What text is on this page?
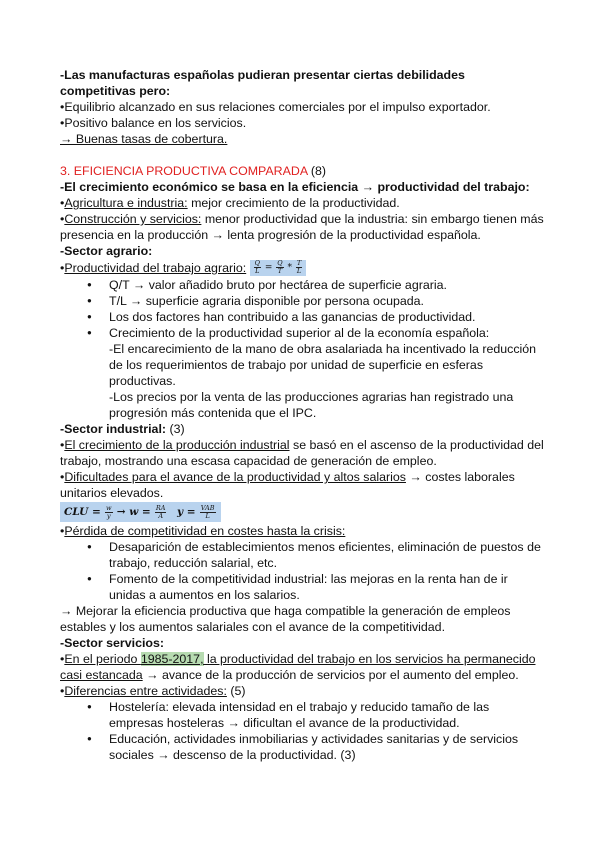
-Las manufacturas españolas pudieran presentar ciertas debilidades competitivas pero:

•Equilibrio alcanzado en sus relaciones comerciales por el impulso exportador.

•Positivo balance en los servicios.

→ Buenas tasas de cobertura.

3. EFICIENCIA PRODUCTIVA COMPARADA (8)

-El crecimiento económico se basa en la eficiencia → productividad del trabajo:

•Agricultura e industria: mejor crecimiento de la productividad.

•Construcción y servicios: menor productividad que la industria: sin embargo tienen más presencia en la producción → lenta progresión de la productividad española.

-Sector agrario:

•Productividad del trabajo agrario: $\frac{Q}{L} = \frac{Q}{T} * \frac{T}{L}$

● Q/T → valor añadido bruto por hectárea de superficie agraria.
● T/L → superficie agraria disponible por persona ocupada.
● Los dos factores han contribuido a las ganancias de productividad.
● Crecimiento de la productividad superior al de la economía española:
-El encarecimiento de la mano de obra asalariada ha incentivado la reducción de los requerimientos de trabajo por unidad de superficie en esferas productivas.
-Los precios por la venta de las producciones agrarias han registrado una progresión más contenida que el IPC.

-Sector industrial: (3)

•El crecimiento de la producción industrial se basó en el ascenso de la productividad del trabajo, mostrando una escasa capacidad de generación de empleo.

•Dificultades para el avance de la productividad y altos salarios → costes laborales unitarios elevados.

CLU = $\frac{w}{y} \to w = \frac{RA}{A}$ $y = \frac{\text{VAB}}{L}$

•Pérdida de competitividad en costes hasta la crisis:

● Desaparición de establecimientos menos eficientes, eliminación de puestos de trabajo, reducción salarial, etc.
● Fomento de la competitividad industrial: las mejoras en la renta han de ir unidas a aumentos en los salarios.

→ Mejorar la eficiencia productiva que haga compatible la generación de empleos estables y los aumentos salariales con el avance de la competitividad.

-Sector servicios:

•En el periodo 1985-2017, la productividad del trabajo en los servicios ha permanecido casi estancada → avance de la producción de servicios por el aumento del empleo.

•Diferencias entre actividades: (5)

● Hostelería: elevada intensidad en el trabajo y reducido tamaño de las empresas hosteleras → dificultan el avance de la productividad.
● Educación, actividades inmobiliarias y actividades sanitarias y de servicios sociales → descenso de la productividad. (3)
